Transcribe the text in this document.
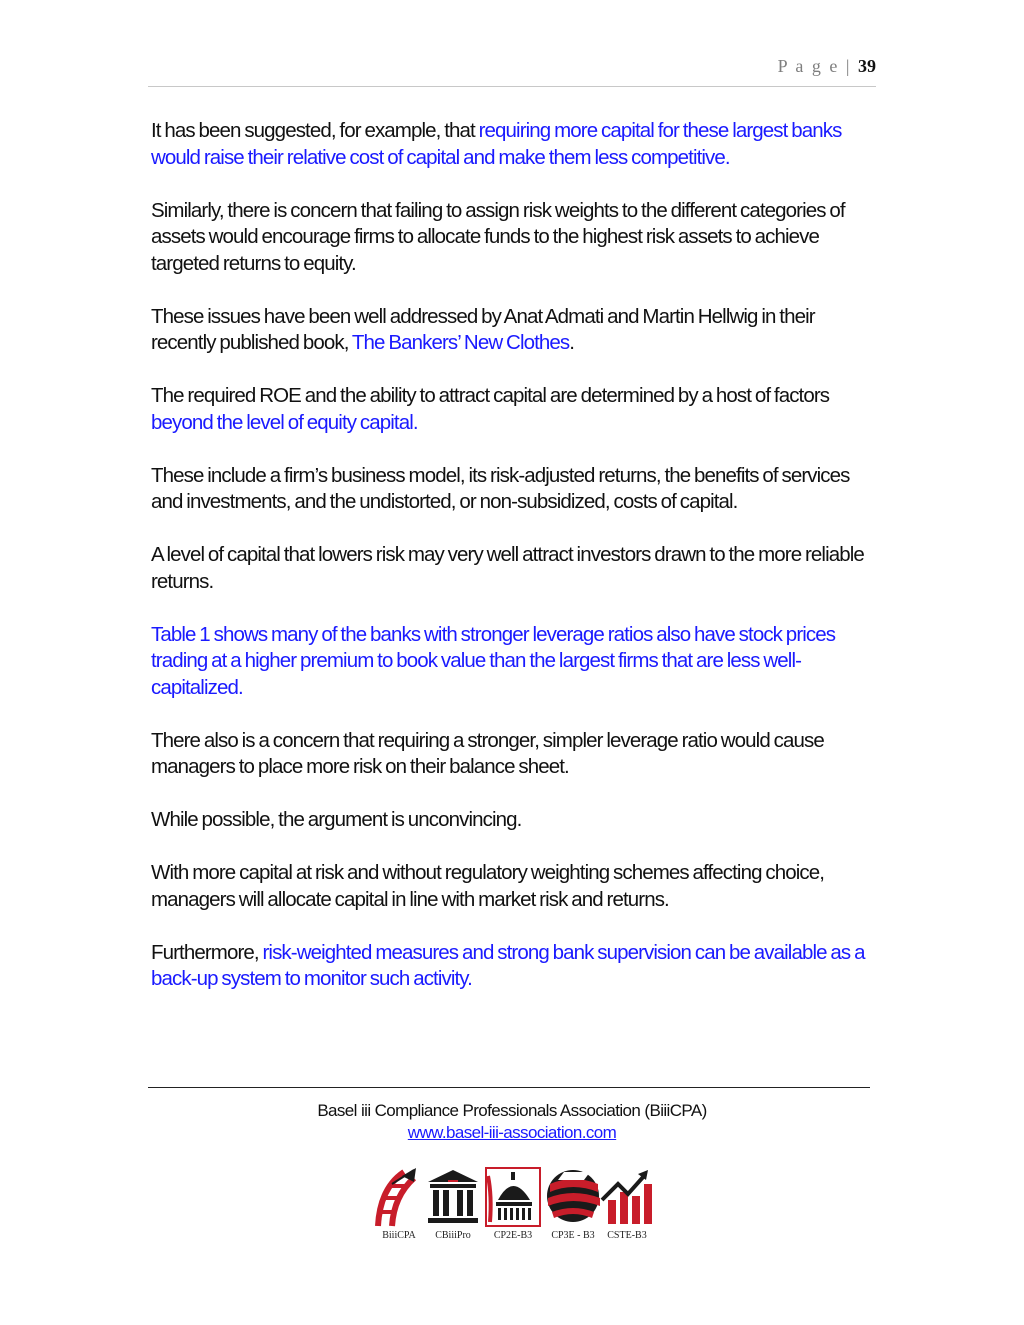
P a g e | 39

It has been suggested, for example, that requiring more capital for these largest banks would raise their relative cost of capital and make them less competitive.

Similarly, there is concern that failing to assign risk weights to the different categories of assets would encourage firms to allocate funds to the highest risk assets to achieve targeted returns to equity.

These issues have been well addressed by Anat Admati and Martin Hellwig in their recently published book, The Bankers’ New Clothes.

The required ROE and the ability to attract capital are determined by a host of factors beyond the level of equity capital.

These include a firm’s business model, its risk-adjusted returns, the benefits of services and investments, and the undistorted, or non-subsidized, costs of capital.

A level of capital that lowers risk may very well attract investors drawn to the more reliable returns.

Table 1 shows many of the banks with stronger leverage ratios also have stock prices trading at a higher premium to book value than the largest firms that are less well-capitalized.

There also is a concern that requiring a stronger, simpler leverage ratio would cause managers to place more risk on their balance sheet.

While possible, the argument is unconvincing.

With more capital at risk and without regulatory weighting schemes affecting choice, managers will allocate capital in line with market risk and returns.

Furthermore, risk-weighted measures and strong bank supervision can be available as a back-up system to monitor such activity.

Basel iii Compliance Professionals Association (BiiiCPA)
www.basel-iii-association.com
BiiiCPA	CBiiiPro	CP2E-B3	CP3E - B3	CSTE-B3
